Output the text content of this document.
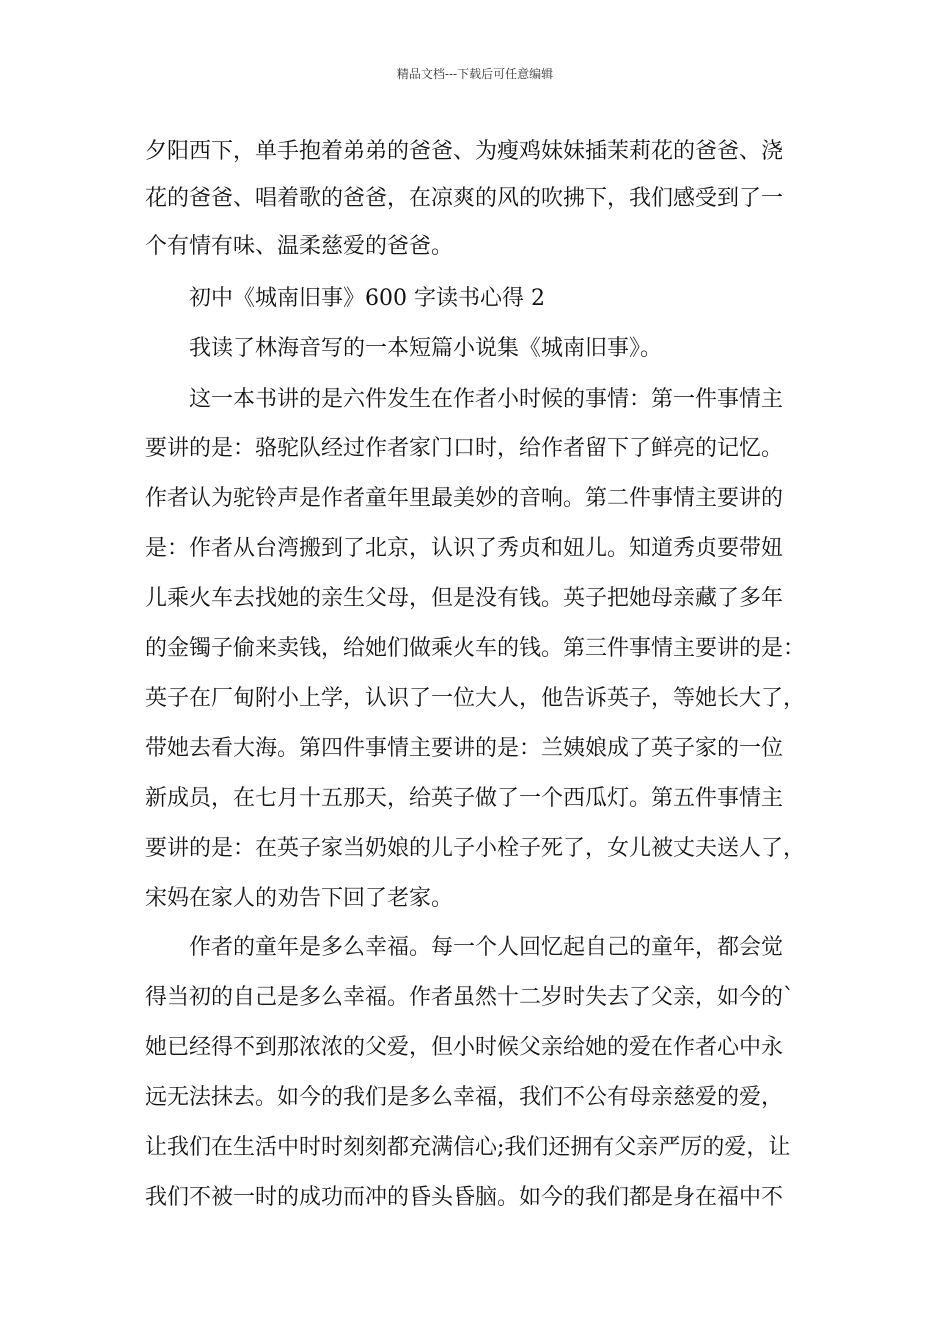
精品文档---下载后可任意编辑
夕阳西下，单手抱着弟弟的爸爸、为瘦鸡妹妹插茉莉花的爸爸、浇
花的爸爸、唱着歌的爸爸，在凉爽的风的吹拂下，我们感受到了一
个有情有味、温柔慈爱的爸爸。
　　初中《城南旧事》600 字读书心得 2
　　我读了林海音写的一本短篇小说集《城南旧事》。
　　这一本书讲的是六件发生在作者小时候的事情：第一件事情主
要讲的是：骆驼队经过作者家门口时，给作者留下了鲜亮的记忆。
作者认为驼铃声是作者童年里最美妙的音响。第二件事情主要讲的
是：作者从台湾搬到了北京，认识了秀贞和妞儿。知道秀贞要带妞
儿乘火车去找她的亲生父母，但是没有钱。英子把她母亲藏了多年
的金镯子偷来卖钱，给她们做乘火车的钱。第三件事情主要讲的是：
英子在厂甸附小上学，认识了一位大人，他告诉英子，等她长大了，
带她去看大海。第四件事情主要讲的是：兰姨娘成了英子家的一位
新成员，在七月十五那天，给英子做了一个西瓜灯。第五件事情主
要讲的是：在英子家当奶娘的儿子小栓子死了，女儿被丈夫送人了，
宋妈在家人的劝告下回了老家。
　　作者的童年是多么幸福。每一个人回忆起自己的童年，都会觉
得当初的自己是多么幸福。作者虽然十二岁时失去了父亲，如今的`
她已经得不到那浓浓的父爱，但小时候父亲给她的爱在作者心中永
远无法抹去。如今的我们是多么幸福，我们不公有母亲慈爱的爱，
让我们在生活中时时刻刻都充满信心;我们还拥有父亲严厉的爱，让
我们不被一时的成功而冲的昏头昏脑。如今的我们都是身在福中不
